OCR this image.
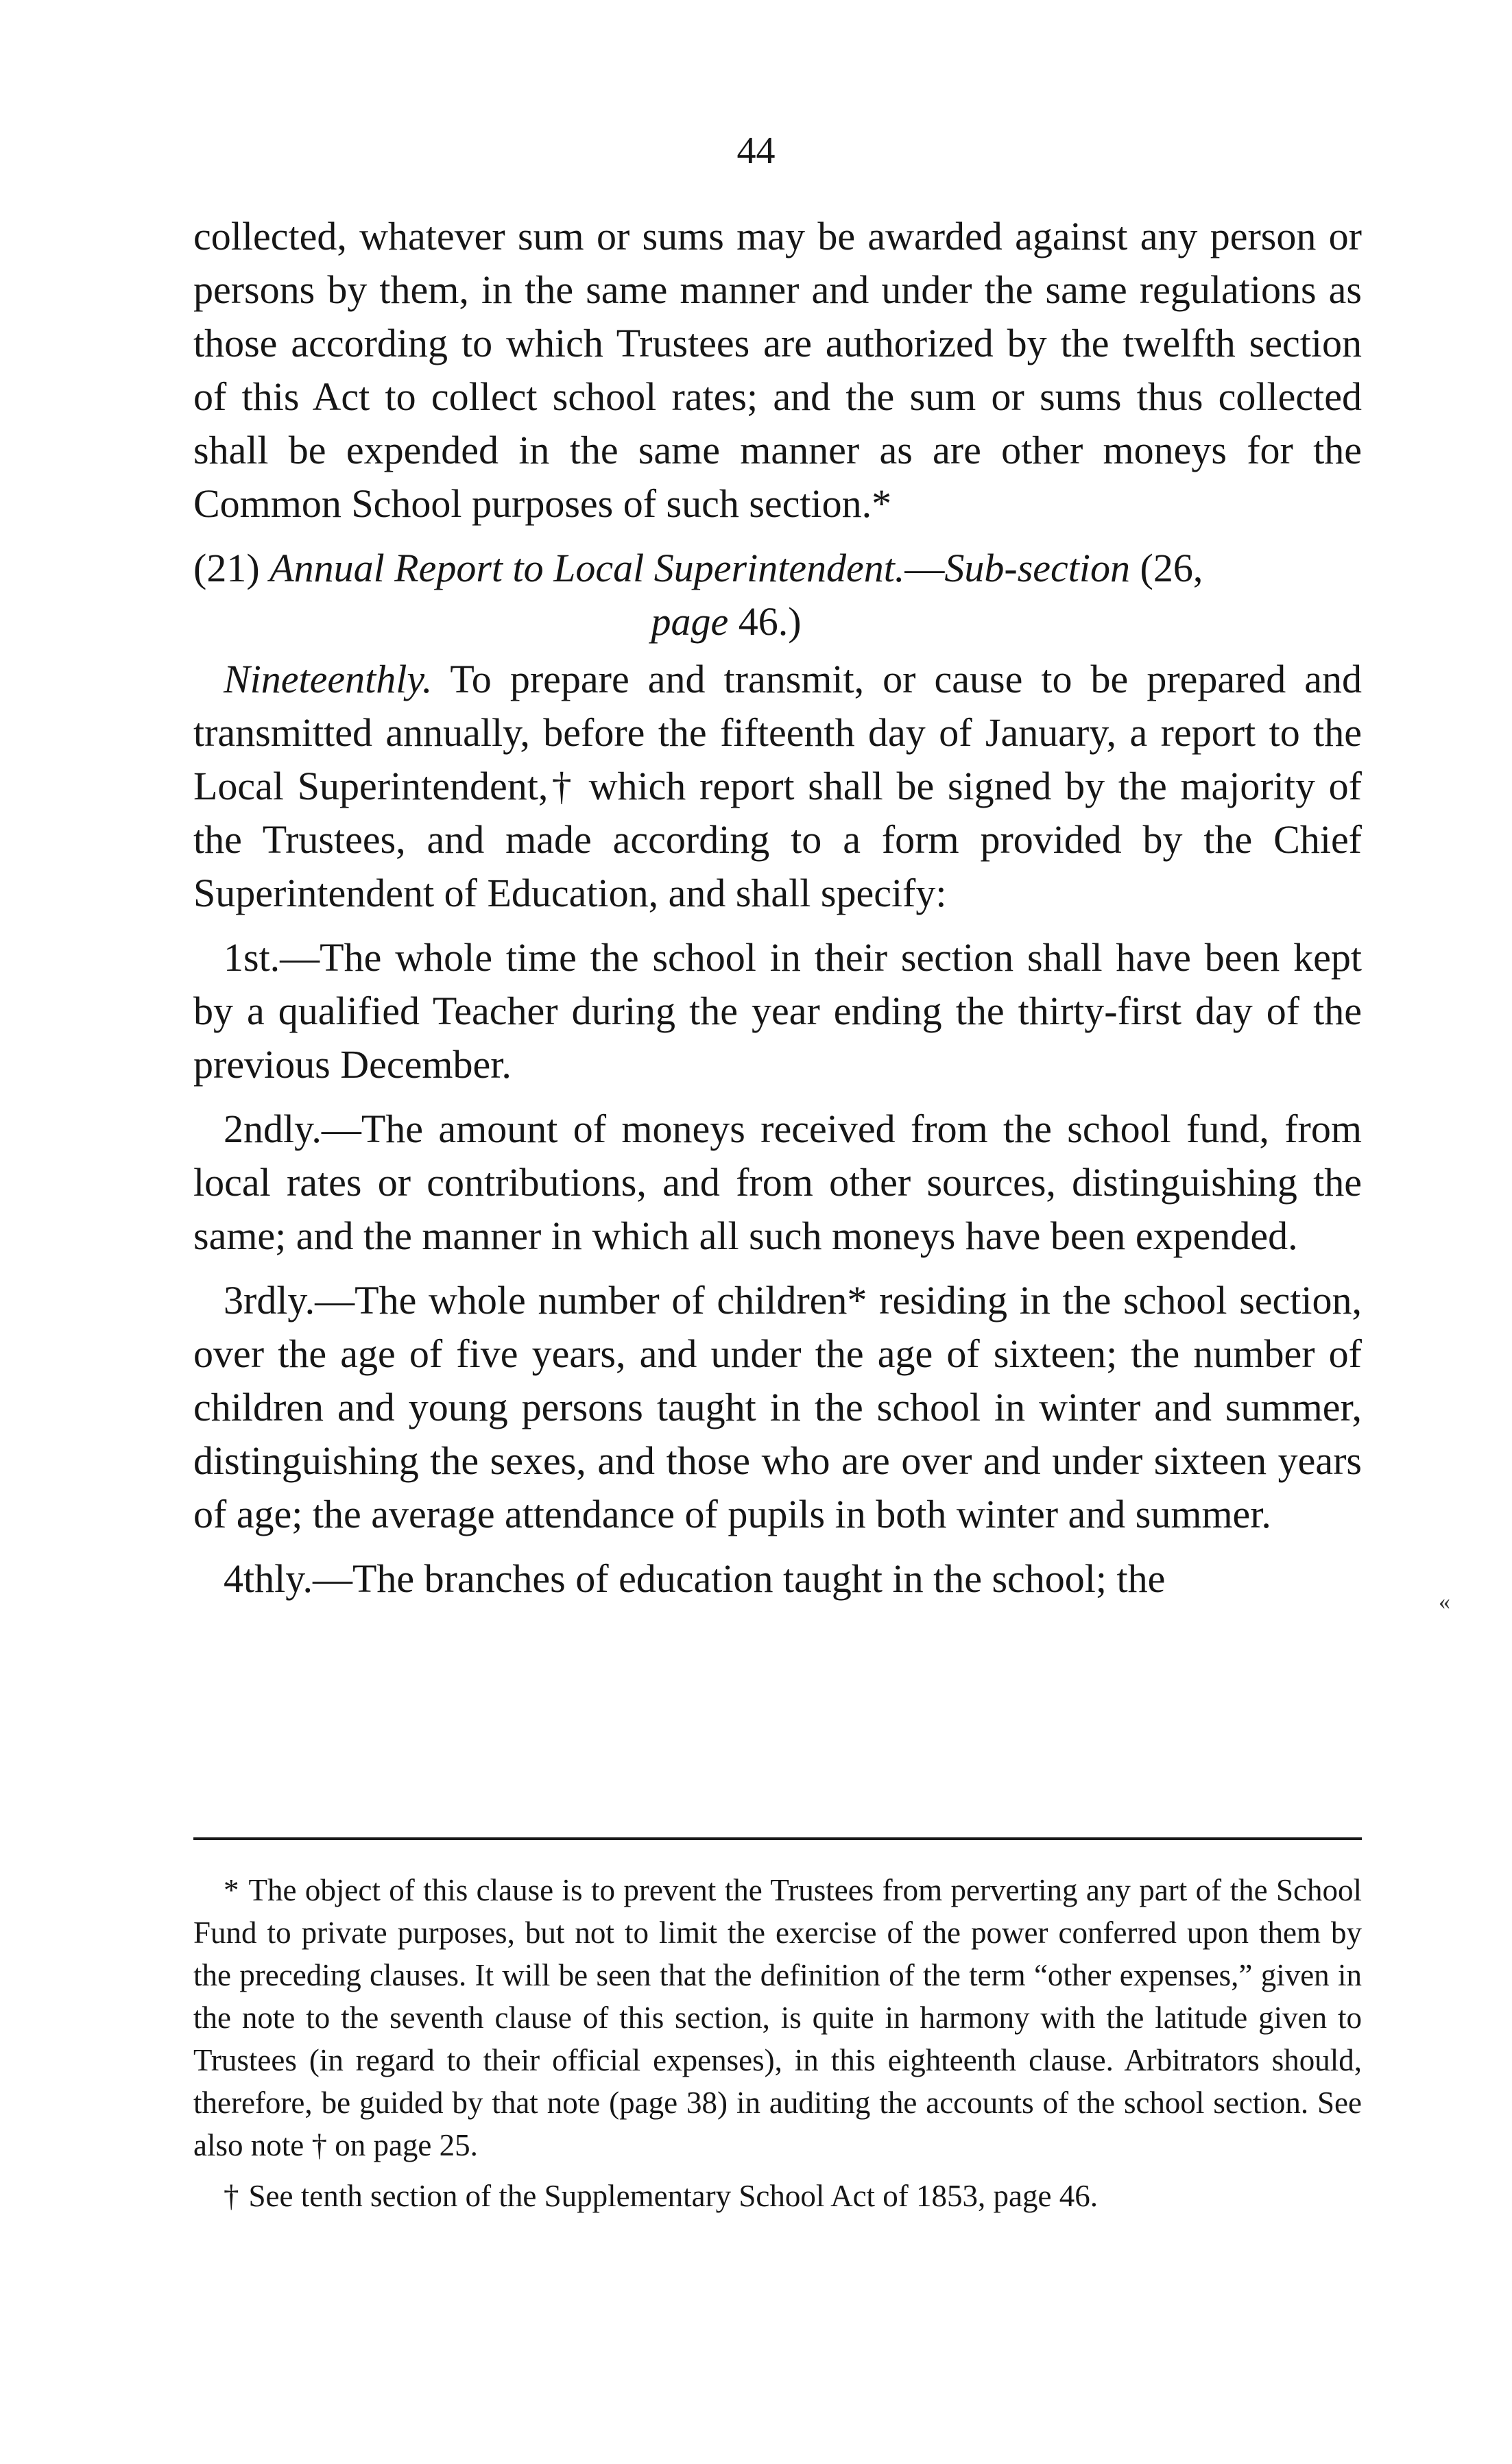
44

collected, whatever sum or sums may be awarded against any person or persons by them, in the same manner and under the same regulations as those according to which Trustees are authorized by the twelfth section of this Act to collect school rates; and the sum or sums thus collected shall be expended in the same manner as are other moneys for the Common School purposes of such section.*

(21) Annual Report to Local Superintendent.—Sub-section (26,
page 46.)

Nineteenthly. To prepare and transmit, or cause to be prepared and transmitted annually, before the fifteenth day of January, a report to the Local Superintendent,† which report shall be signed by the majority of the Trustees, and made according to a form provided by the Chief Superintendent of Education, and shall specify:

1st.—The whole time the school in their section shall have been kept by a qualified Teacher during the year ending the thirty-first day of the previous December.

2ndly.—The amount of moneys received from the school fund, from local rates or contributions, and from other sources, distinguishing the same; and the manner in which all such moneys have been expended.

3rdly.—The whole number of children* residing in the school section, over the age of five years, and under the age of sixteen; the number of children and young persons taught in the school in winter and summer, distinguishing the sexes, and those who are over and under sixteen years of age; the average attendance of pupils in both winter and summer.

4thly.—The branches of education taught in the school; the

«

* The object of this clause is to prevent the Trustees from perverting any part of the School Fund to private purposes, but not to limit the exercise of the power conferred upon them by the preceding clauses. It will be seen that the definition of the term “other expenses,” given in the note to the seventh clause of this section, is quite in harmony with the latitude given to Trustees (in regard to their official expenses), in this eighteenth clause. Arbitrators should, therefore, be guided by that note (page 38) in auditing the accounts of the school section. See also note † on page 25.

† See tenth section of the Supplementary School Act of 1853, page 46.
